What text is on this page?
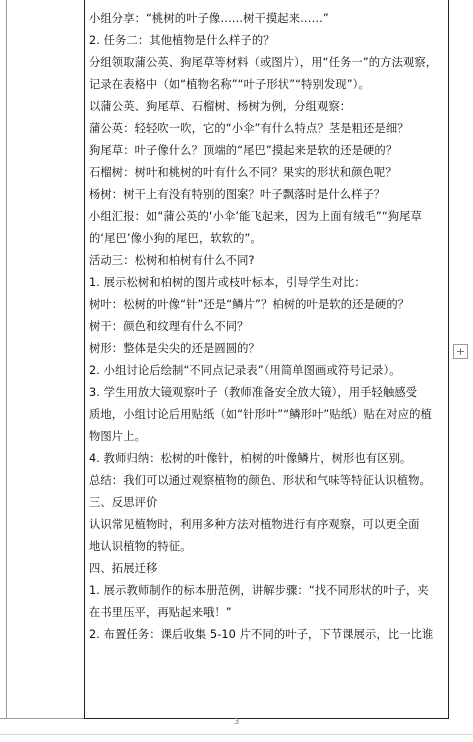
小组分享：“桃树的叶子像……树干摸起来……”
2. 任务二：其他植物是什么样子的？
分组领取蒲公英、狗尾草等材料（或图片），用“任务一”的方法观察，
记录在表格中（如“植物名称”“叶子形状”“特别发现”）。
以蒲公英、狗尾草、石榴树、杨树为例，分组观察：
蒲公英：轻轻吹一吹，它的“小伞”有什么特点？茎是粗还是细？
狗尾草：叶子像什么？顶端的“尾巴”摸起来是软的还是硬的？
石榴树：树叶和桃树的叶有什么不同？果实的形状和颜色呢？
杨树：树干上有没有特别的图案？叶子飘落时是什么样子？
小组汇报：如“蒲公英的‘小伞’能飞起来，因为上面有绒毛”“狗尾草
的‘尾巴’像小狗的尾巴，软软的”。
活动三：松树和柏树有什么不同?
1. 展示松树和柏树的图片或枝叶标本，引导学生对比：
树叶：松树的叶像“针”还是“鳞片”？柏树的叶是软的还是硬的？
树干：颜色和纹理有什么不同？
树形：整体是尖尖的还是圆圆的？
2. 小组讨论后绘制“不同点记录表”（用简单图画或符号记录）。
3. 学生用放大镜观察叶子（教师准备安全放大镜），用手轻触感受
质地，小组讨论后用贴纸（如“针形叶”“鳞形叶”贴纸）贴在对应的植
物图片上。
4. 教师归纳：松树的叶像针，柏树的叶像鳞片，树形也有区别。
总结：我们可以通过观察植物的颜色、形状和气味等特征认识植物。
三、反思评价
认识常见植物时，利用多种方法对植物进行有序观察，可以更全面
地认识植物的特征。
四、拓展迁移
1. 展示教师制作的标本册范例，讲解步骤：“找不同形状的叶子，夹
在书里压平，再贴起来哦！”
2. 布置任务：课后收集 5-10 片不同的叶子，下节课展示，比一比谁
+
3
